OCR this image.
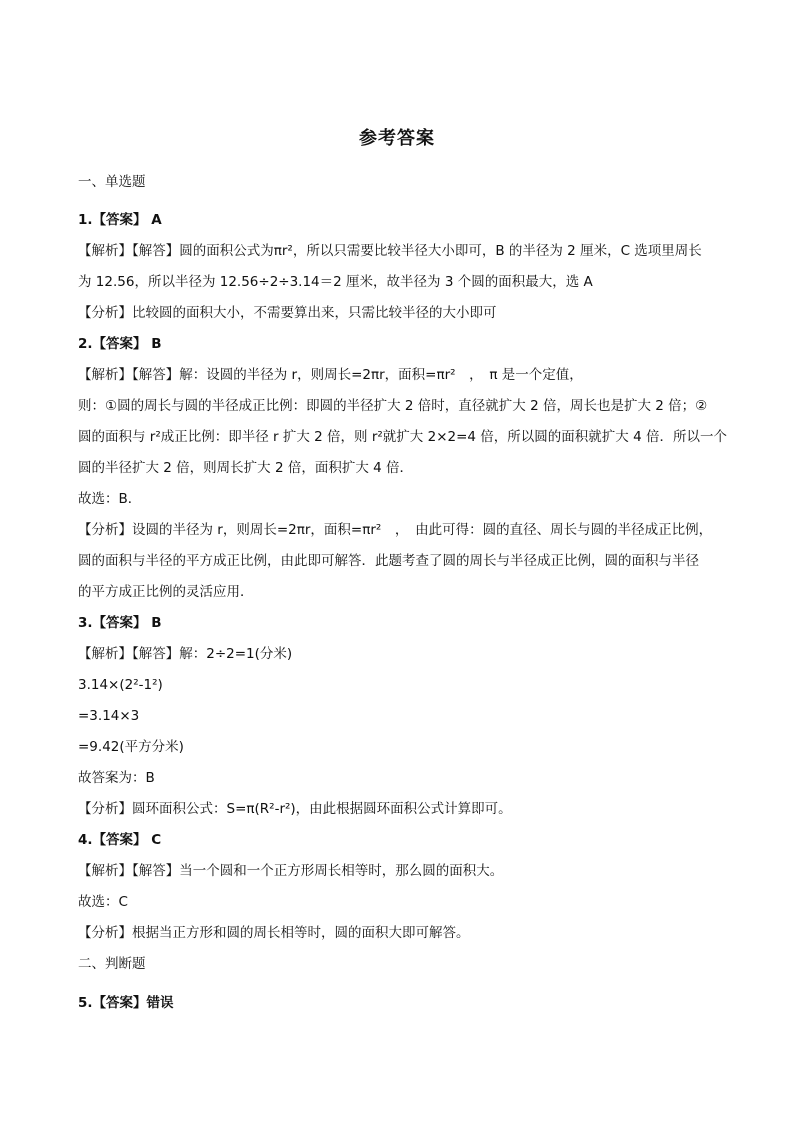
参考答案
一、单选题
1.【答案】 A
【解析】【解答】圆的面积公式为πr²，所以只需要比较半径大小即可，B 的半径为 2 厘米，C 选项里周长
为 12.56，所以半径为 12.56÷2÷3.14＝2 厘米，故半径为 3 个圆的面积最大，选 A
【分析】比较圆的面积大小，不需要算出来，只需比较半径的大小即可
2.【答案】 B
【解析】【解答】解：设圆的半径为 r，则周长=2πr，面积=πr²　，　π 是一个定值，
则：①圆的周长与圆的半径成正比例：即圆的半径扩大 2 倍时，直径就扩大 2 倍，周长也是扩大 2 倍；②
圆的面积与 r²成正比例：即半径 r 扩大 2 倍，则 r²就扩大 2×2=4 倍，所以圆的面积就扩大 4 倍．所以一个
圆的半径扩大 2 倍，则周长扩大 2 倍，面积扩大 4 倍．
故选：B．
【分析】设圆的半径为 r，则周长=2πr，面积=πr²　，　由此可得：圆的直径、周长与圆的半径成正比例，
圆的面积与半径的平方成正比例，由此即可解答．此题考查了圆的周长与半径成正比例，圆的面积与半径
的平方成正比例的灵活应用．
3.【答案】 B
【解析】【解答】解：2÷2=1(分米)
3.14×(2²-1²)
=3.14×3
=9.42(平方分米)
故答案为：B
【分析】圆环面积公式：S=π(R²-r²)，由此根据圆环面积公式计算即可。
4.【答案】 C
【解析】【解答】当一个圆和一个正方形周长相等时，那么圆的面积大。
故选：C
【分析】根据当正方形和圆的周长相等时，圆的面积大即可解答。
二、判断题
5.【答案】错误
